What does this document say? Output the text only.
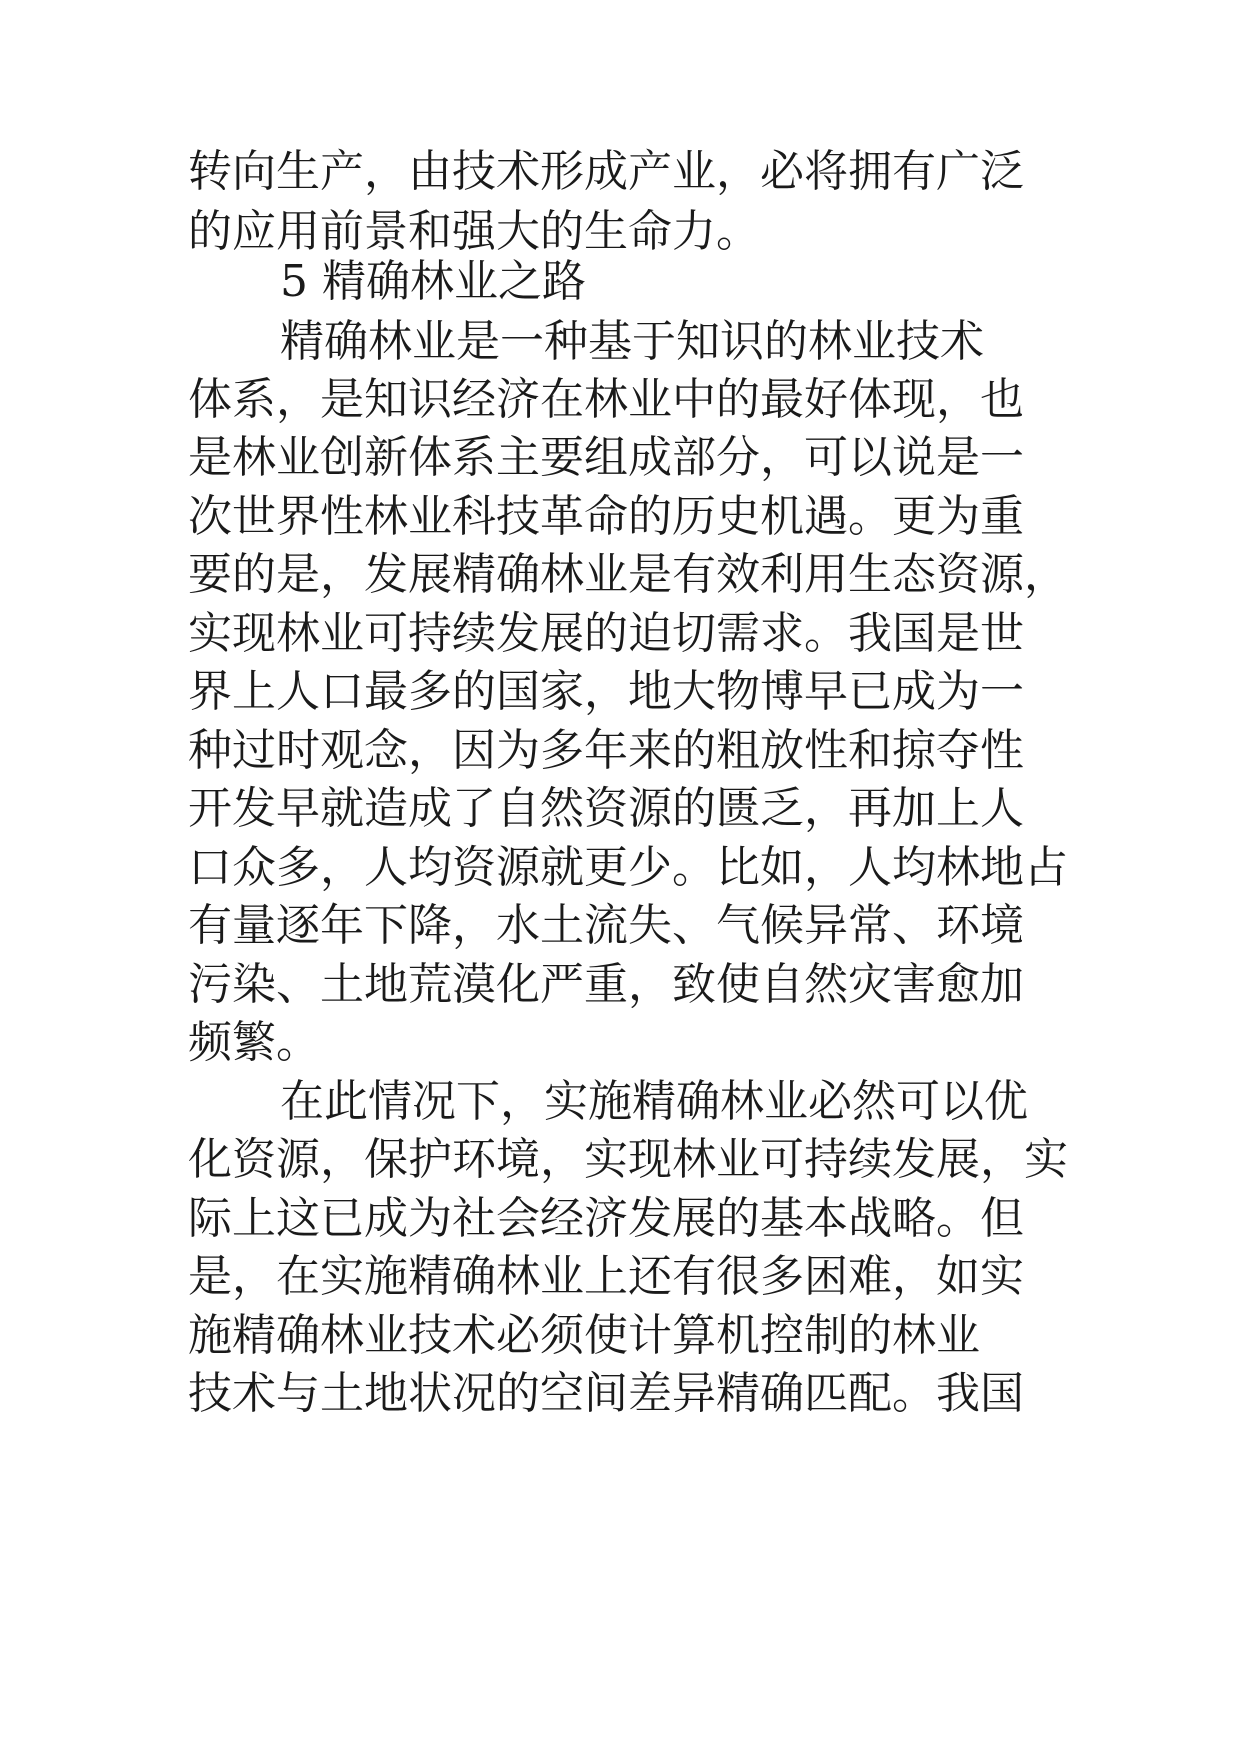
转向生产，由技术形成产业，必将拥有广泛
的应用前景和强大的生命力。
5 精确林业之路
精确林业是一种基于知识的林业技术
体系，是知识经济在林业中的最好体现，也
是林业创新体系主要组成部分，可以说是一
次世界性林业科技革命的历史机遇。更为重
要的是，发展精确林业是有效利用生态资源，
实现林业可持续发展的迫切需求。我国是世
界上人口最多的国家，地大物博早已成为一
种过时观念，因为多年来的粗放性和掠夺性
开发早就造成了自然资源的匮乏，再加上人
口众多，人均资源就更少。比如，人均林地占
有量逐年下降，水土流失、气候异常、环境
污染、土地荒漠化严重，致使自然灾害愈加
频繁。
在此情况下，实施精确林业必然可以优
化资源，保护环境，实现林业可持续发展，实
际上这已成为社会经济发展的基本战略。但
是，在实施精确林业上还有很多困难，如实
施精确林业技术必须使计算机控制的林业
技术与土地状况的空间差异精确匹配。我国
